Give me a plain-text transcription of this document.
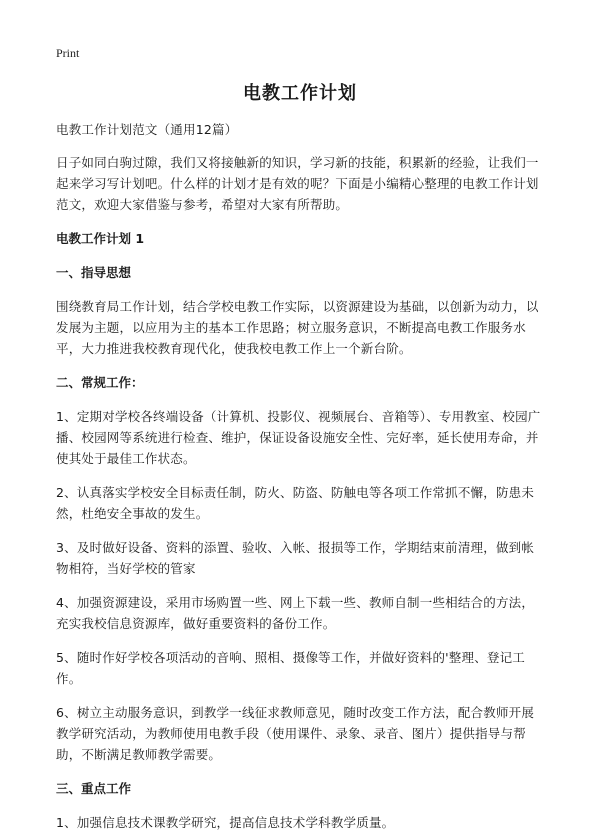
Print
电教工作计划

电教工作计划范文（通用12篇）

日子如同白驹过隙，我们又将接触新的知识，学习新的技能，积累新的经验，让我们一起来学习写计划吧。什么样的计划才是有效的呢？下面是小编精心整理的电教工作计划范文，欢迎大家借鉴与参考，希望对大家有所帮助。

电教工作计划 1

一、指导思想

围绕教育局工作计划，结合学校电教工作实际，以资源建设为基础，以创新为动力，以发展为主题，以应用为主的基本工作思路；树立服务意识，不断提高电教工作服务水平，大力推进我校教育现代化，使我校电教工作上一个新台阶。

二、常规工作：

1、定期对学校各终端设备（计算机、投影仪、视频展台、音箱等）、专用教室、校园广播、校园网等系统进行检查、维护，保证设备设施安全性、完好率，延长使用寿命，并使其处于最佳工作状态。

2、认真落实学校安全目标责任制，防火、防盗、防触电等各项工作常抓不懈，防患未然，杜绝安全事故的发生。

3、及时做好设备、资料的添置、验收、入帐、报损等工作，学期结束前清理，做到帐物相符，当好学校的管家

4、加强资源建设，采用市场购置一些、网上下载一些、教师自制一些相结合的方法，充实我校信息资源库，做好重要资料的备份工作。

5、随时作好学校各项活动的音响、照相、摄像等工作，并做好资料的'整理、登记工作。

6、树立主动服务意识，到教学一线征求教师意见，随时改变工作方法，配合教师开展教学研究活动，为教师使用电教手段（使用课件、录象、录音、图片）提供指导与帮助，不断满足教师教学需要。

三、重点工作

1、加强信息技术课教学研究，提高信息技术学科教学质量。
